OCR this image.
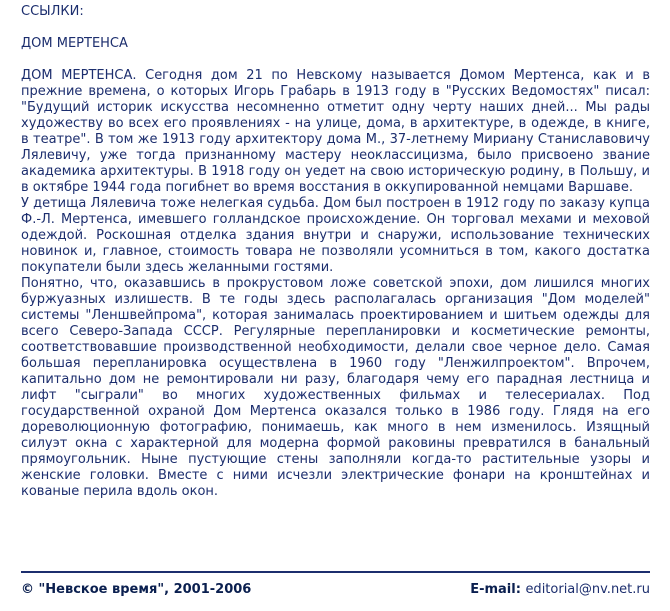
ССЫЛКИ:
ДОМ МЕРТЕНСА

ДОМ МЕРТЕНСА. Сегодня дом 21 по Невскому называется Домом Мертенса, как и в прежние времена, о которых Игорь Грабарь в 1913 году в "Русских Ведомостях" писал: "Будущий историк искусства несомненно отметит одну черту наших дней... Мы рады художеству во всех его проявлениях - на улице, дома, в архитектуре, в одежде, в книге, в театре". В том же 1913 году архитектору дома М., 37-летнему Мириану Станиславовичу Лялевичу, уже тогда признанному мастеру неоклассицизма, было присвоено звание академика архитектуры. В 1918 году он уедет на свою историческую родину, в Польшу, и в октябре 1944 года погибнет во время восстания в оккупированной немцами Варшаве.

У детища Лялевича тоже нелегкая судьба. Дом был построен в 1912 году по заказу купца Ф.-Л. Мертенса, имевшего голландское происхождение. Он торговал мехами и меховой одеждой. Роскошная отделка здания внутри и снаружи, использование технических новинок и, главное, стоимость товара не позволяли усомниться в том, какого достатка покупатели были здесь желанными гостями.

Понятно, что, оказавшись в прокрустовом ложе советской эпохи, дом лишился многих буржуазных излишеств. В те годы здесь располагалась организация "Дом моделей" системы "Леншвейпрома", которая занималась проектированием и шитьем одежды для всего Северо-Запада СССР. Регулярные перепланировки и косметические ремонты, соответствовавшие производственной необходимости, делали свое черное дело. Самая большая перепланировка осуществлена в 1960 году "Ленжилпроектом". Впрочем, капитально дом не ремонтировали ни разу, благодаря чему его парадная лестница и лифт "сыграли" во многих художественных фильмах и телесериалах. Под государственной охраной Дом Мертенса оказался только в 1986 году. Глядя на его дореволюционную фотографию, понимаешь, как много в нем изменилось. Изящный силуэт окна с характерной для модерна формой раковины превратился в банальный прямоугольник. Ныне пустующие стены заполняли когда-то растительные узоры и женские головки. Вместе с ними исчезли электрические фонари на кронштейнах и кованые перила вдоль окон.

© "Невское время", 2001-2006	E-mail: editorial@nv.net.ru
